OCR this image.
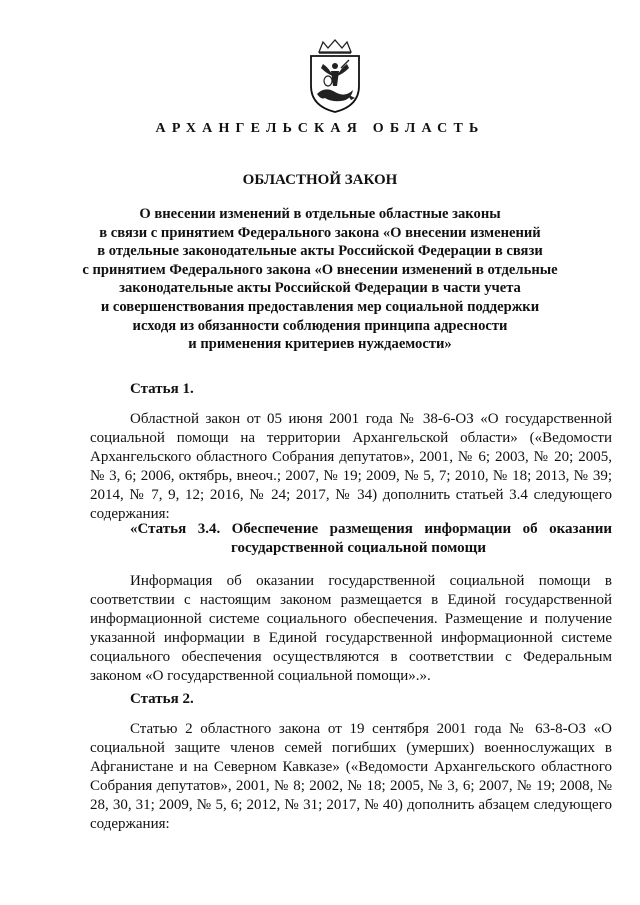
АРХАНГЕЛЬСКАЯ ОБЛАСТЬ
ОБЛАСТНОЙ ЗАКОН
О внесении изменений в отдельные областные законы
в связи с принятием Федерального закона «О внесении изменений
в отдельные законодательные акты Российской Федерации в связи
с принятием Федерального закона «О внесении изменений в отдельные
законодательные акты Российской Федерации в части учета
и совершенствования предоставления мер социальной поддержки
исходя из обязанности соблюдения принципа адресности
и применения критериев нуждаемости»
Статья 1.
Областной закон от 05 июня 2001 года № 38-6-ОЗ «О государственной социальной помощи на территории Архангельской области» («Ведомости Архангельского областного Собрания депутатов», 2001, № 6; 2003, № 20; 2005, № 3, 6; 2006, октябрь, внеоч.; 2007, № 19; 2009, № 5, 7; 2010, № 18; 2013, № 39; 2014, № 7, 9, 12; 2016, № 24; 2017, № 34) дополнить статьей 3.4 следующего содержания:
«Статья 3.4. Обеспечение размещения информации об оказании
государственной социальной помощи
Информация об оказании государственной социальной помощи в соответствии с настоящим законом размещается в Единой государственной информационной системе социального обеспечения. Размещение и получение указанной информации в Единой государственной информационной системе социального обеспечения осуществляются в соответствии с Федеральным законом «О государственной социальной помощи».».
Статья 2.
Статью 2 областного закона от 19 сентября 2001 года № 63-8-ОЗ «О социальной защите членов семей погибших (умерших) военнослужащих в Афганистане и на Северном Кавказе» («Ведомости Архангельского областного Собрания депутатов», 2001, № 8; 2002, № 18; 2005, № 3, 6; 2007, № 19; 2008, № 28, 30, 31; 2009, № 5, 6; 2012, № 31; 2017, № 40) дополнить абзацем следующего содержания:
